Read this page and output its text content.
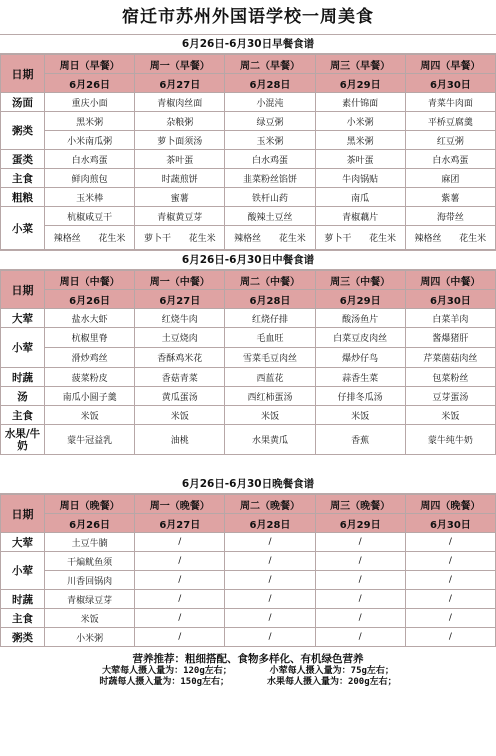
宿迁市苏州外国语学校一周美食
6月26日-6月30日早餐食谱
日期	周日（早餐）	周一（早餐）	周二（早餐）	周三（早餐）	周四（早餐）
	6月26日	6月27日	6月28日	6月29日	6月30日
汤面	重庆小面	青椒肉丝面	小混沌	素什锦面	青菜牛肉面
粥类	黑米粥	杂粮粥	绿豆粥	小米粥	平桥豆腐羹
	小米南瓜粥	萝卜面须汤	玉米粥	黑米粥	红豆粥
蛋类	白水鸡蛋	茶叶蛋	白水鸡蛋	茶叶蛋	白水鸡蛋
主食	鲜肉煎包	时蔬煎饼	韭菜粉丝馅饼	牛肉锅贴	麻团
粗粮	玉米棒	蜜薯	铁杆山药	南瓜	紫薯
小菜	杭椒咸豆干	青椒黄豆芽	酸辣土豆丝	青椒藕片	海带丝

	辣格丝 花生米	萝卜干 花生米	辣格丝 花生米	萝卜干 花生米	辣格丝 花生米
6月26日-6月30日中餐食谱
日期	周日（中餐）	周一（中餐）	周二（中餐）	周三（中餐）	周四（中餐）
	6月26日	6月27日	6月28日	6月29日	6月30日
大荤	盐水大虾	红烧牛肉	红烧仔排	酸汤鱼片	白菜羊肉
小荤	杭椒里脊	土豆烧肉	毛血旺	白菜豆皮肉丝	酱爆猪肝
	滑炒鸡丝	香酥鸡米花	雪菜毛豆肉丝	爆炒仔鸟	芹菜菌菇肉丝
时蔬	菠菜粉皮	香菇青菜	西蓝花	蒜香生菜	包菜粉丝
汤	南瓜小圆子羹	黄瓜蛋汤	西红柿蛋汤	仔排冬瓜汤	豆芽蛋汤
主食	米饭	米饭	米饭	米饭	米饭
水果/牛奶	蒙牛冠益乳	油桃	水果黄瓜	香蕉	蒙牛纯牛奶
6月26日-6月30日晚餐食谱
日期	周日（晚餐）	周一（晚餐）	周二（晚餐）	周三（晚餐）	周四（晚餐）
	6月26日	6月27日	6月28日	6月29日	6月30日
大荤	土豆牛腩	/	/	/	/
小荤	干煸鱿鱼须	/	/	/	/
	川香回锅肉	/	/	/	/
时蔬	青椒绿豆芽	/	/	/	/
主食	米饭	/	/	/	/
粥类	小米粥	/	/	/	/
营养推荐：粗细搭配、食物多样化、有机绿色营养
大荤每人摄入量为：120g左右；       小荤每人摄入量为：75g左右；
时蔬每人摄入量为：150g左右；       水果每人摄入量为：200g左右；
